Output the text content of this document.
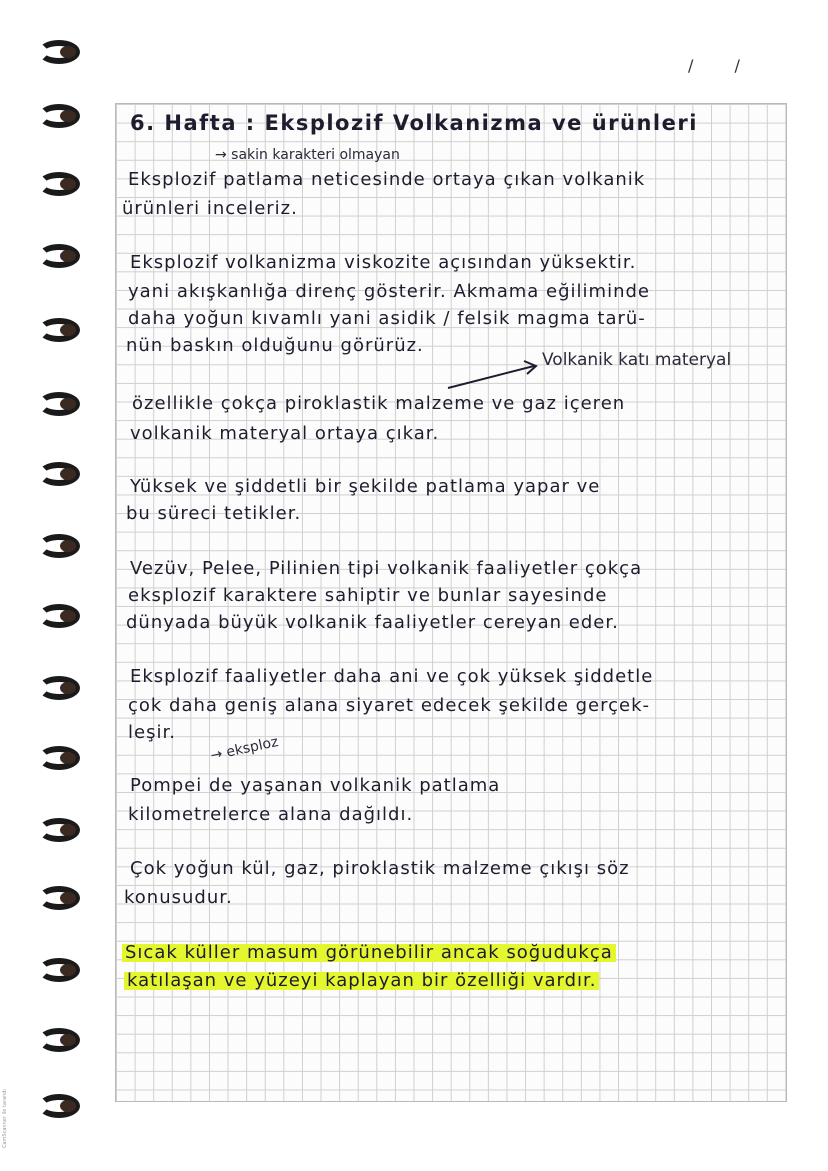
/ /
6. Hafta : Eksplozif Volkanizma ve ürünleri
→ sakin karakteri olmayan
Eksplozif patlama neticesinde ortaya çıkan volkanik
ürünleri inceleriz.
Eksplozif volkanizma viskozite açısından yüksektir.
yani akışkanlığa direnç gösterir. Akmama eğiliminde
daha yoğun kıvamlı yani asidik / felsik magma tarü-
nün baskın olduğunu görürüz.
Volkanik katı materyal
özellikle çokça piroklastik malzeme ve gaz içeren
volkanik materyal ortaya çıkar.
Yüksek ve şiddetli bir şekilde patlama yapar ve
bu süreci tetikler.
Vezüv, Pelee, Pilinien tipi volkanik faaliyetler çokça
eksplozif karaktere sahiptir ve bunlar sayesinde
dünyada büyük volkanik faaliyetler cereyan eder.
Eksplozif faaliyetler daha ani ve çok yüksek şiddetle
çok daha geniş alana siyaret edecek şekilde gerçek-
leşir.
→ eksploz
Pompei de yaşanan volkanik patlama
kilometrelerce alana dağıldı.
Çok yoğun kül, gaz, piroklastik malzeme çıkışı söz
konusudur.
Sıcak küller masum görünebilir ancak soğudukça
katılaşan ve yüzeyi kaplayan bir özelliği vardır.
CamScanner ile tarandı
